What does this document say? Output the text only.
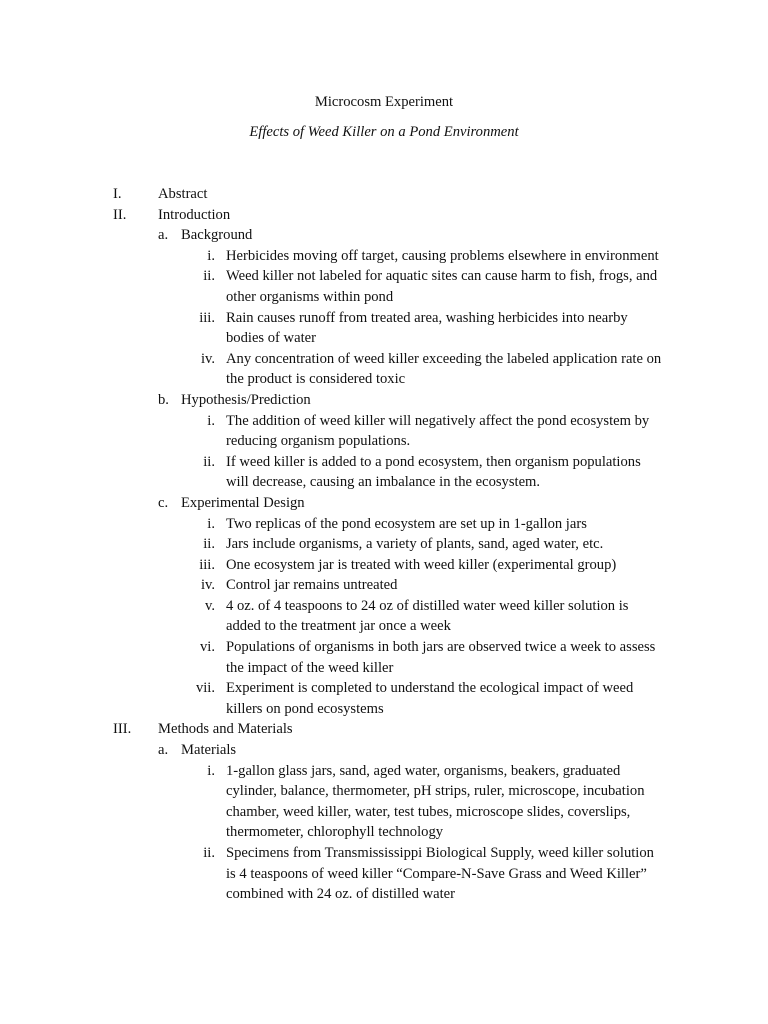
Microcosm Experiment
Effects of Weed Killer on a Pond Environment
I. Abstract
II. Introduction
a. Background
i. Herbicides moving off target, causing problems elsewhere in environment
ii. Weed killer not labeled for aquatic sites can cause harm to fish, frogs, and
other organisms within pond
iii. Rain causes runoff from treated area, washing herbicides into nearby
bodies of water
iv. Any concentration of weed killer exceeding the labeled application rate on
the product is considered toxic
b. Hypothesis/Prediction
i. The addition of weed killer will negatively affect the pond ecosystem by
reducing organism populations.
ii. If weed killer is added to a pond ecosystem, then organism populations
will decrease, causing an imbalance in the ecosystem.
c. Experimental Design
i. Two replicas of the pond ecosystem are set up in 1-gallon jars
ii. Jars include organisms, a variety of plants, sand, aged water, etc.
iii. One ecosystem jar is treated with weed killer (experimental group)
iv. Control jar remains untreated
v. 4 oz. of 4 teaspoons to 24 oz of distilled water weed killer solution is
added to the treatment jar once a week
vi. Populations of organisms in both jars are observed twice a week to assess
the impact of the weed killer
vii. Experiment is completed to understand the ecological impact of weed
killers on pond ecosystems
III. Methods and Materials
a. Materials
i. 1-gallon glass jars, sand, aged water, organisms, beakers, graduated
cylinder, balance, thermometer, pH strips, ruler, microscope, incubation
chamber, weed killer, water, test tubes, microscope slides, coverslips,
thermometer, chlorophyll technology
ii. Specimens from Transmississippi Biological Supply, weed killer solution
is 4 teaspoons of weed killer “Compare-N-Save Grass and Weed Killer”
combined with 24 oz. of distilled water
